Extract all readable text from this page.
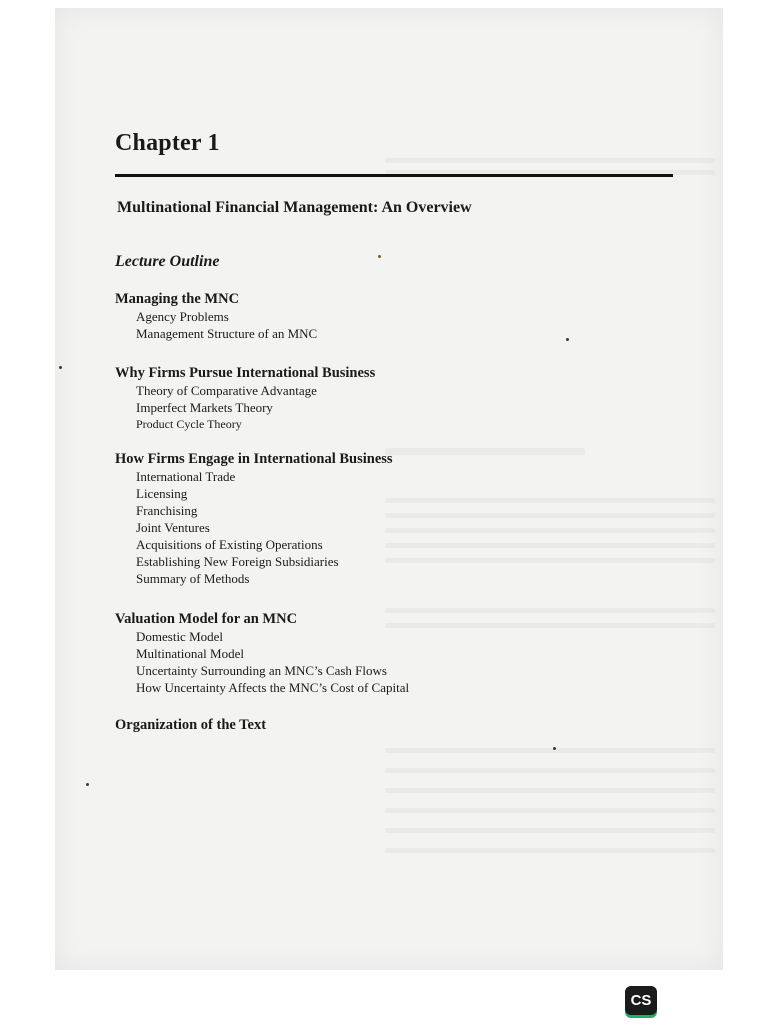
Chapter 1
Multinational Financial Management: An Overview
Lecture Outline

Managing the MNC

Agency Problems
Management Structure of an MNC

Why Firms Pursue International Business

Theory of Comparative Advantage
Imperfect Markets Theory
Product Cycle Theory

How Firms Engage in International Business

International Trade
Licensing
Franchising
Joint Ventures
Acquisitions of Existing Operations
Establishing New Foreign Subsidiaries
Summary of Methods

Valuation Model for an MNC

Domestic Model
Multinational Model
Uncertainty Surrounding an MNC’s Cash Flows
How Uncertainty Affects the MNC’s Cost of Capital

Organization of the Text

CS
